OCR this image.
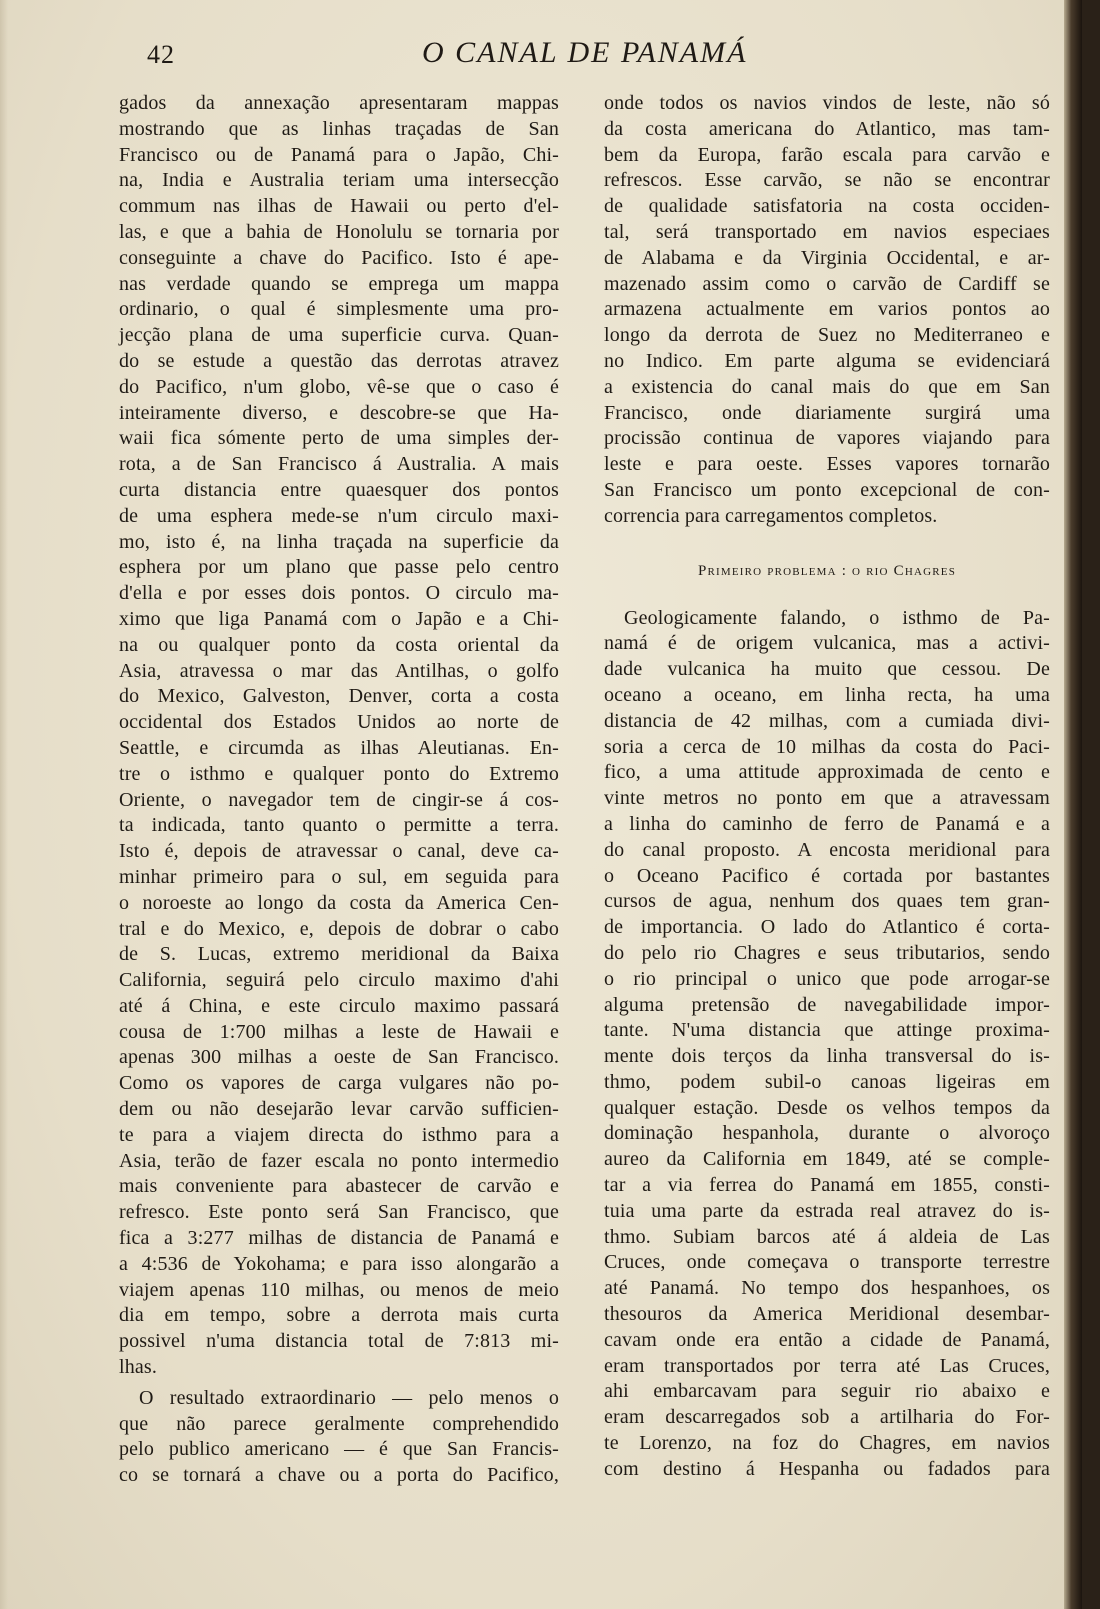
42	O CANAL DE PANAMÁ
gados da annexação apresentaram mappas
mostrando que as linhas traçadas de San
Francisco ou de Panamá para o Japão, Chi-
na, India e Australia teriam uma intersecção
commum nas ilhas de Hawaii ou perto d'el-
las, e que a bahia de Honolulu se tornaria por
conseguinte a chave do Pacifico. Isto é ape-
nas verdade quando se emprega um mappa
ordinario, o qual é simplesmente uma pro-
jecção plana de uma superficie curva. Quan-
do se estude a questão das derrotas atravez
do Pacifico, n'um globo, vê-se que o caso é
inteiramente diverso, e descobre-se que Ha-
waii fica sómente perto de uma simples der-
rota, a de San Francisco á Australia. A mais
curta distancia entre quaesquer dos pontos
de uma esphera mede-se n'um circulo maxi-
mo, isto é, na linha traçada na superficie da
esphera por um plano que passe pelo centro
d'ella e por esses dois pontos. O circulo ma-
ximo que liga Panamá com o Japão e a Chi-
na ou qualquer ponto da costa oriental da
Asia, atravessa o mar das Antilhas, o golfo
do Mexico, Galveston, Denver, corta a costa
occidental dos Estados Unidos ao norte de
Seattle, e circumda as ilhas Aleutianas. En-
tre o isthmo e qualquer ponto do Extremo
Oriente, o navegador tem de cingir-se á cos-
ta indicada, tanto quanto o permitte a terra.
Isto é, depois de atravessar o canal, deve ca-
minhar primeiro para o sul, em seguida para
o noroeste ao longo da costa da America Cen-
tral e do Mexico, e, depois de dobrar o cabo
de S. Lucas, extremo meridional da Baixa
California, seguirá pelo circulo maximo d'ahi
até á China, e este circulo maximo passará
cousa de 1:700 milhas a leste de Hawaii e
apenas 300 milhas a oeste de San Francisco.
Como os vapores de carga vulgares não po-
dem ou não desejarão levar carvão sufficien-
te para a viajem directa do isthmo para a
Asia, terão de fazer escala no ponto intermedio
mais conveniente para abastecer de carvão e
refresco. Este ponto será San Francisco, que
fica a 3:277 milhas de distancia de Panamá e
a 4:536 de Yokohama; e para isso alongarão a
viajem apenas 110 milhas, ou menos de meio
dia em tempo, sobre a derrota mais curta
possivel n'uma distancia total de 7:813 mi-
lhas.
O resultado extraordinario — pelo menos o
que não parece geralmente comprehendido
pelo publico americano — é que San Francis-
co se tornará a chave ou a porta do Pacifico,
onde todos os navios vindos de leste, não só
da costa americana do Atlantico, mas tam-
bem da Europa, farão escala para carvão e
refrescos. Esse carvão, se não se encontrar
de qualidade satisfatoria na costa occiden-
tal, será transportado em navios especiaes
de Alabama e da Virginia Occidental, e ar-
mazenado assim como o carvão de Cardiff se
armazena actualmente em varios pontos ao
longo da derrota de Suez no Mediterraneo e
no Indico. Em parte alguma se evidenciará
a existencia do canal mais do que em San
Francisco, onde diariamente surgirá uma
procissão continua de vapores viajando para
leste e para oeste. Esses vapores tornarão
San Francisco um ponto excepcional de con-
correncia para carregamentos completos.
Primeiro problema : o rio Chagres
Geologicamente falando, o isthmo de Pa-
namá é de origem vulcanica, mas a activi-
dade vulcanica ha muito que cessou. De
oceano a oceano, em linha recta, ha uma
distancia de 42 milhas, com a cumiada divi-
soria a cerca de 10 milhas da costa do Paci-
fico, a uma attitude approximada de cento e
vinte metros no ponto em que a atravessam
a linha do caminho de ferro de Panamá e a
do canal proposto. A encosta meridional para
o Oceano Pacifico é cortada por bastantes
cursos de agua, nenhum dos quaes tem gran-
de importancia. O lado do Atlantico é corta-
do pelo rio Chagres e seus tributarios, sendo
o rio principal o unico que pode arrogar-se
alguma pretensão de navegabilidade impor-
tante. N'uma distancia que attinge proxima-
mente dois terços da linha transversal do is-
thmo, podem subil-o canoas ligeiras em
qualquer estação. Desde os velhos tempos da
dominação hespanhola, durante o alvoroço
aureo da California em 1849, até se comple-
tar a via ferrea do Panamá em 1855, consti-
tuia uma parte da estrada real atravez do is-
thmo. Subiam barcos até á aldeia de Las
Cruces, onde começava o transporte terrestre
até Panamá. No tempo dos hespanhoes, os
thesouros da America Meridional desembar-
cavam onde era então a cidade de Panamá,
eram transportados por terra até Las Cruces,
ahi embarcavam para seguir rio abaixo e
eram descarregados sob a artilharia do For-
te Lorenzo, na foz do Chagres, em navios
com destino á Hespanha ou fadados para
